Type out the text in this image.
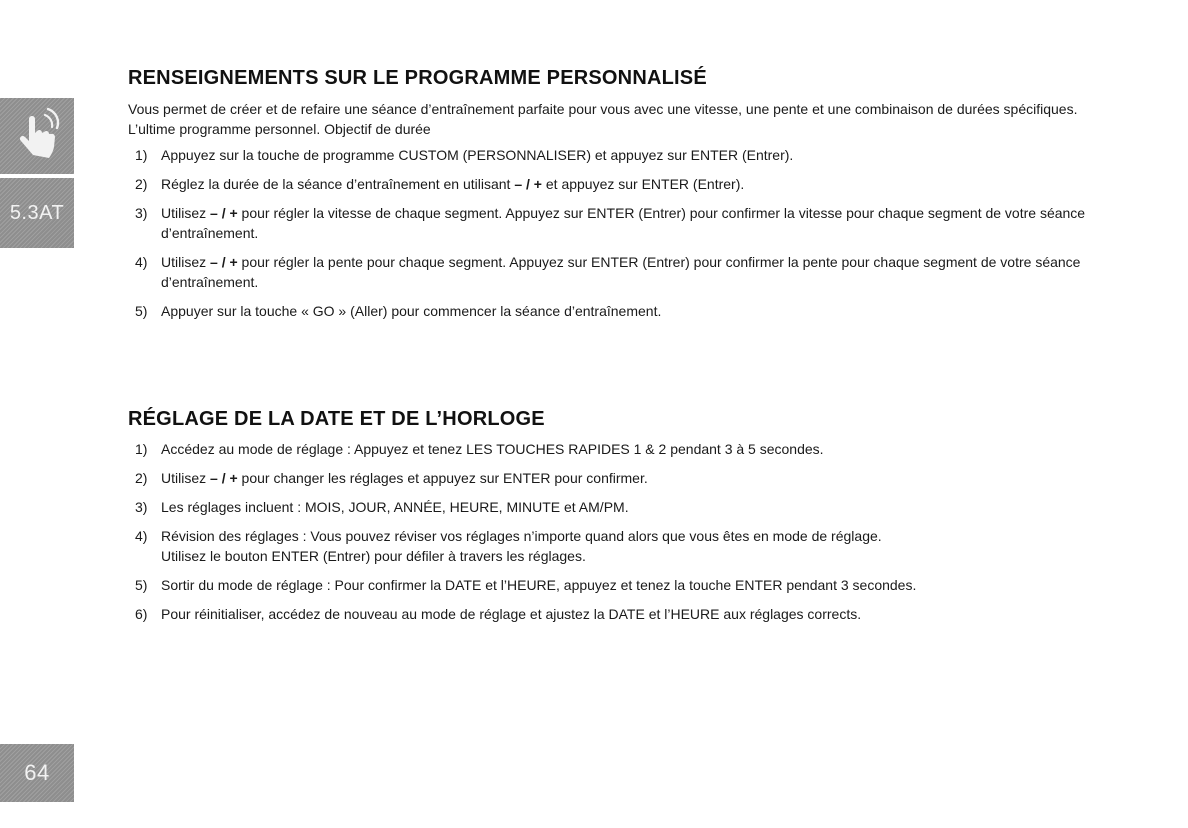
5.3AT
64
RENSEIGNEMENTS SUR LE PROGRAMME PERSONNALISÉ

Vous permet de créer et de refaire une séance d’entraînement parfaite pour vous avec une vitesse, une pente et une combinaison de durées spécifiques. L’ultime programme personnel. Objectif de durée

1) Appuyez sur la touche de programme CUSTOM (PERSONNALISER) et appuyez sur ENTER (Entrer).
2) Réglez la durée de la séance d’entraînement en utilisant – / + et appuyez sur ENTER (Entrer).
3) Utilisez – / + pour régler la vitesse de chaque segment. Appuyez sur ENTER (Entrer) pour confirmer la vitesse pour chaque segment de votre séance d’entraînement.
4) Utilisez – / + pour régler la pente pour chaque segment. Appuyez sur ENTER (Entrer) pour confirmer la pente pour chaque segment de votre séance d’entraînement.
5) Appuyer sur la touche « GO » (Aller) pour commencer la séance d’entraînement.
RÉGLAGE DE LA DATE ET DE L’HORLOGE
1) Accédez au mode de réglage : Appuyez et tenez LES TOUCHES RAPIDES 1 & 2 pendant 3 à 5 secondes.
2) Utilisez – / + pour changer les réglages et appuyez sur ENTER pour confirmer.
3) Les réglages incluent : MOIS, JOUR, ANNÉE, HEURE, MINUTE et AM/PM.
4) Révision des réglages : Vous pouvez réviser vos réglages n’importe quand alors que vous êtes en mode de réglage.
Utilisez le bouton ENTER (Entrer) pour défiler à travers les réglages.
5) Sortir du mode de réglage : Pour confirmer la DATE et l’HEURE, appuyez et tenez la touche ENTER pendant 3 secondes.
6) Pour réinitialiser, accédez de nouveau au mode de réglage et ajustez la DATE et l’HEURE aux réglages corrects.
